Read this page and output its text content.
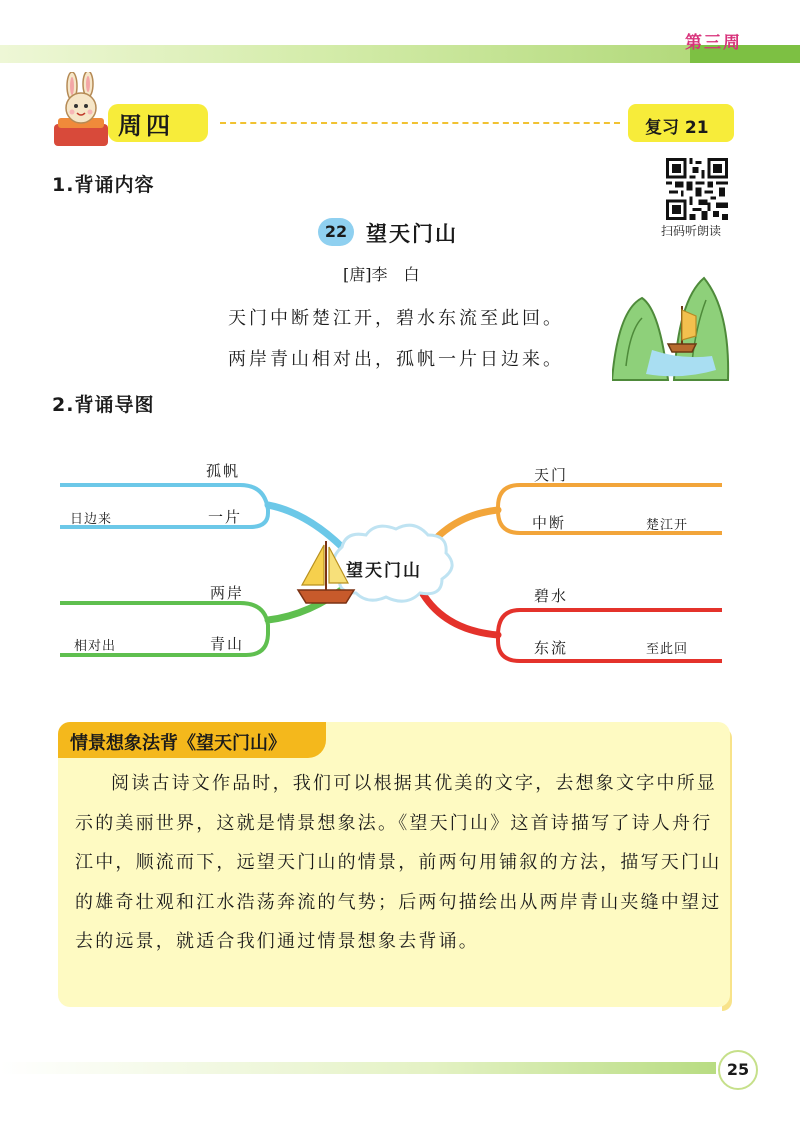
第三周
周四	复习 21
1.背诵内容
扫码听朗读
22 望天门山
[唐]李　白
天门中断楚江开，碧水东流至此回。
两岸青山相对出，孤帆一片日边来。
2.背诵导图
望天门山
孤帆
一片
日边来
两岸
青山
相对出
天门
中断	楚江开
碧水
东流	至此回
情景想象法背《望天门山》
阅读古诗文作品时，我们可以根据其优美的文字，去想象文字中所显示的美丽世界，这就是情景想象法。《望天门山》这首诗描写了诗人舟行江中，顺流而下，远望天门山的情景，前两句用铺叙的方法，描写天门山的雄奇壮观和江水浩荡奔流的气势；后两句描绘出从两岸青山夹缝中望过去的远景，就适合我们通过情景想象去背诵。
25
